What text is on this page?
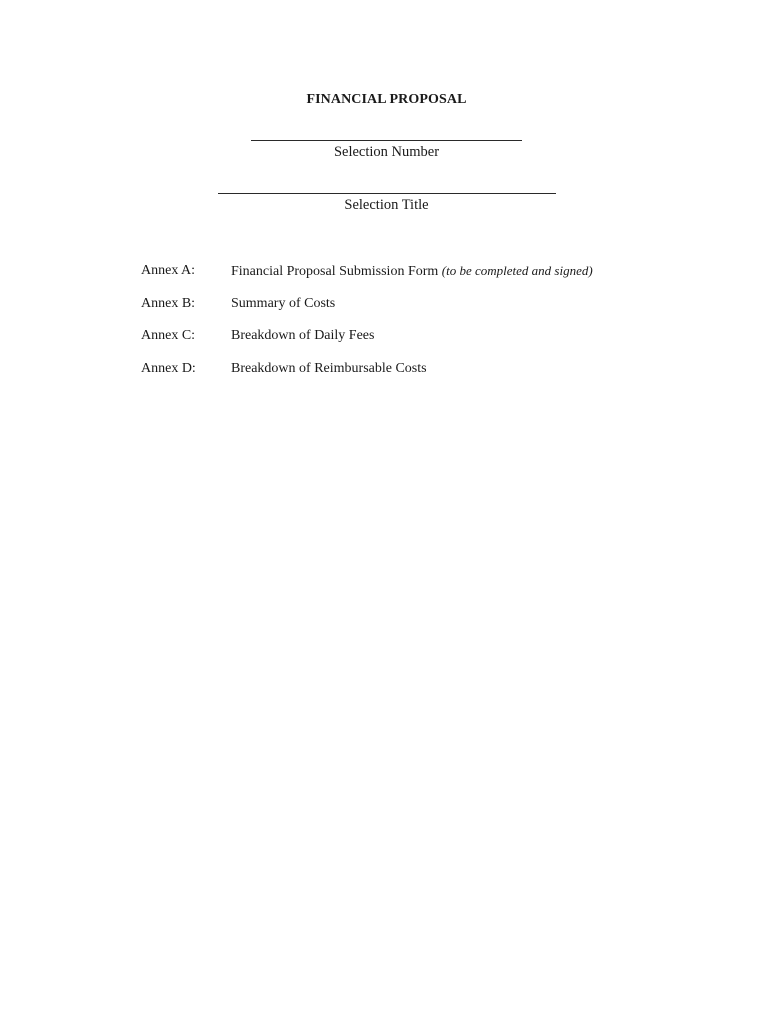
FINANCIAL PROPOSAL
Selection Number
Selection Title
Annex A:	Financial Proposal Submission Form (to be completed and signed)
Annex B:	Summary of Costs
Annex C:	Breakdown of Daily Fees
Annex D:	Breakdown of Reimbursable Costs
